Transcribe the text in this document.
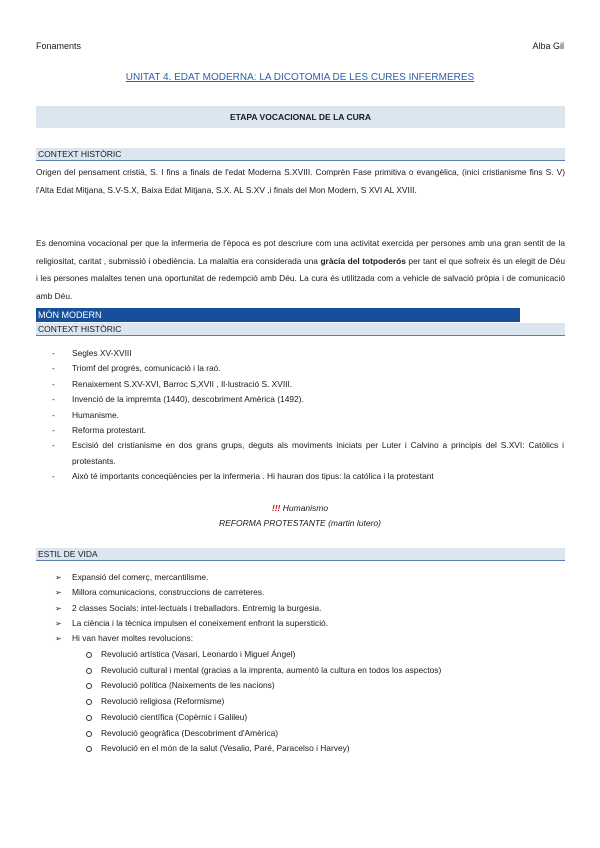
Fonaments	Alba Gil
UNITAT 4. EDAT MODERNA: LA DICOTOMIA DE LES CURES INFERMERES
ETAPA VOCACIONAL DE LA CURA
CONTEXT HISTÒRIC

Origen del pensament cristià, S. I fins a finals de l'edat Moderna S.XVIII. Comprèn Fase primitiva o evangèlica, (inici cristianisme fins S. V) l'Alta Edat Mitjana, S.V-S.X, Baixa Edat Mitjana, S.X. AL S.XV ,i finals del Mon Modern, S XVI AL XVIII.

Es denomina vocacional per que la infermeria de l'època es pot descriure com una activitat exercida per persones amb una gran sentit de la religiositat, caritat , submissió i obediència. La malaltia era considerada una gràcia del totpoderós per tant el que sofreix és un elegit de Déu i les persones malaltes tenen una oportunitat de redempció amb Déu. La cura és utilitzada com a vehicle de salvació pròpia i de comunicació amb Déu.

MÓN MODERN
CONTEXT HISTÒRIC
- Segles XV-XVIII
- Triomf del progrés, comunicació i la raó.
- Renaixement S.XV-XVI, Barroc S,XVII , Il·lustració S. XVIII.
- Invenció de la impremta (1440), descobriment Amèrica (1492).
- Humanisme.
- Reforma protestant.
- Escisió del cristianisme en dos grans grups, deguts als moviments iniciats per Luter i Calvino a principis del S.XVI: Catòlics i protestants.
- Això té importants conceqüències per la infermeria . Hi hauran dos tipus: la católica i la protestant
!!! Humanismo
REFORMA PROTESTANTE (martin lutero)
ESTIL DE VIDA
➢ Expansió del comerç, mercantilisme.
➢ Millora comunicacions, construccions de carreteres.
➢ 2 classes Socials: intel·lectuals i treballadors. Entremig la burgesia.
➢ La ciència i la tècnica impulsen el coneixement enfront la superstició.
➢ Hi van haver moltes revolucions:
Revolució artística (Vasari, Leonardo i Miguel Ángel)
Revolució cultural i mental (gracias a la imprenta, aumentó la cultura en todos los aspectos)
Revolució política (Naixements de les nacions)
Revolució religiosa (Reformisme)
Revolució científica (Copèrnic i Galileu)
Revolució geogràfica (Descobriment d'Amèrica)
Revolució en el món de la salut (Vesalio, Paré, Paracelso i Harvey)
